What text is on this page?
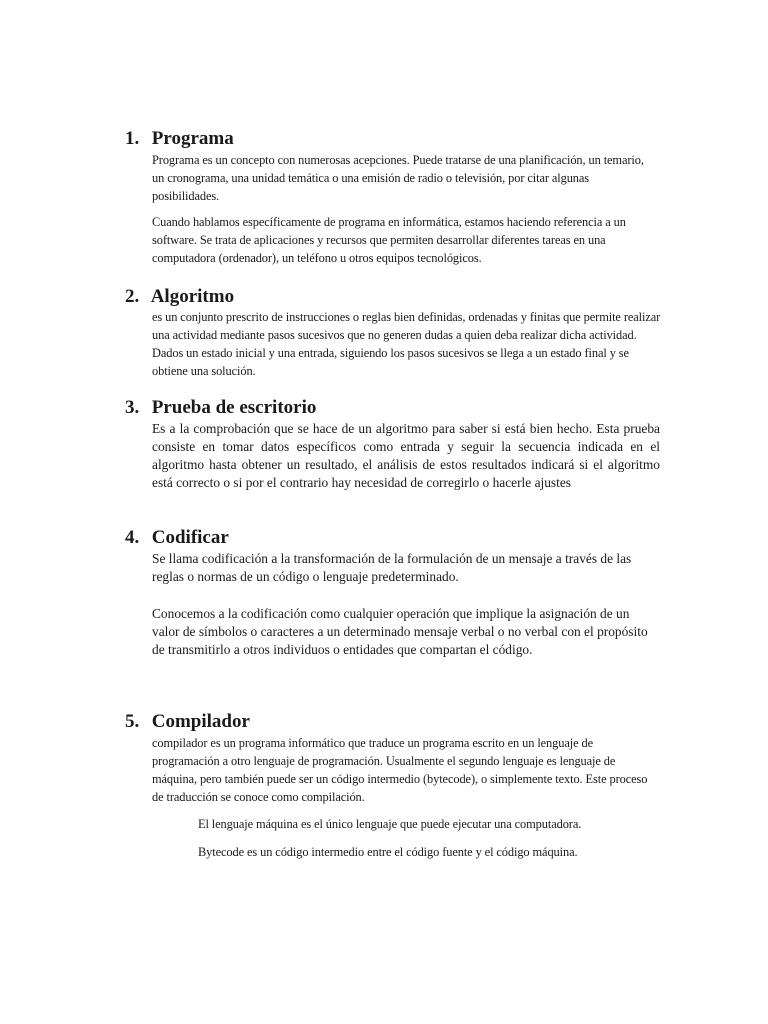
1. Programa

Programa es un concepto con numerosas acepciones. Puede tratarse de una planificación, un temario, un cronograma, una unidad temática o una emisión de radio o televisión, por citar algunas posibilidades.

Cuando hablamos específicamente de programa en informática, estamos haciendo referencia a un software. Se trata de aplicaciones y recursos que permiten desarrollar diferentes tareas en una computadora (ordenador), un teléfono u otros equipos tecnológicos.

2. Algoritmo

es un conjunto prescrito de instrucciones o reglas bien definidas, ordenadas y finitas que permite realizar una actividad mediante pasos sucesivos que no generen dudas a quien deba realizar dicha actividad. Dados un estado inicial y una entrada, siguiendo los pasos sucesivos se llega a un estado final y se obtiene una solución.

3. Prueba de escritorio

Es a la comprobación que se hace de un algoritmo para saber si está bien hecho. Esta prueba consiste en tomar datos específicos como entrada y seguir la secuencia indicada en el algoritmo hasta obtener un resultado, el análisis de estos resultados indicará si el algoritmo está correcto o si por el contrario hay necesidad de corregirlo o hacerle ajustes

4. Codificar

Se llama codificación a la transformación de la formulación de un mensaje a través de las reglas o normas de un código o lenguaje predeterminado.

Conocemos a la codificación como cualquier operación que implique la asignación de un valor de símbolos o caracteres a un determinado mensaje verbal o no verbal con el propósito de transmitirlo a otros individuos o entidades que compartan el código.

5. Compilador

compilador es un programa informático que traduce un programa escrito en un lenguaje de programación a otro lenguaje de programación. Usualmente el segundo lenguaje es lenguaje de máquina, pero también puede ser un código intermedio (bytecode), o simplemente texto. Este proceso de traducción se conoce como compilación.

El lenguaje máquina es el único lenguaje que puede ejecutar una computadora.

Bytecode es un código intermedio entre el código fuente y el código máquina.
